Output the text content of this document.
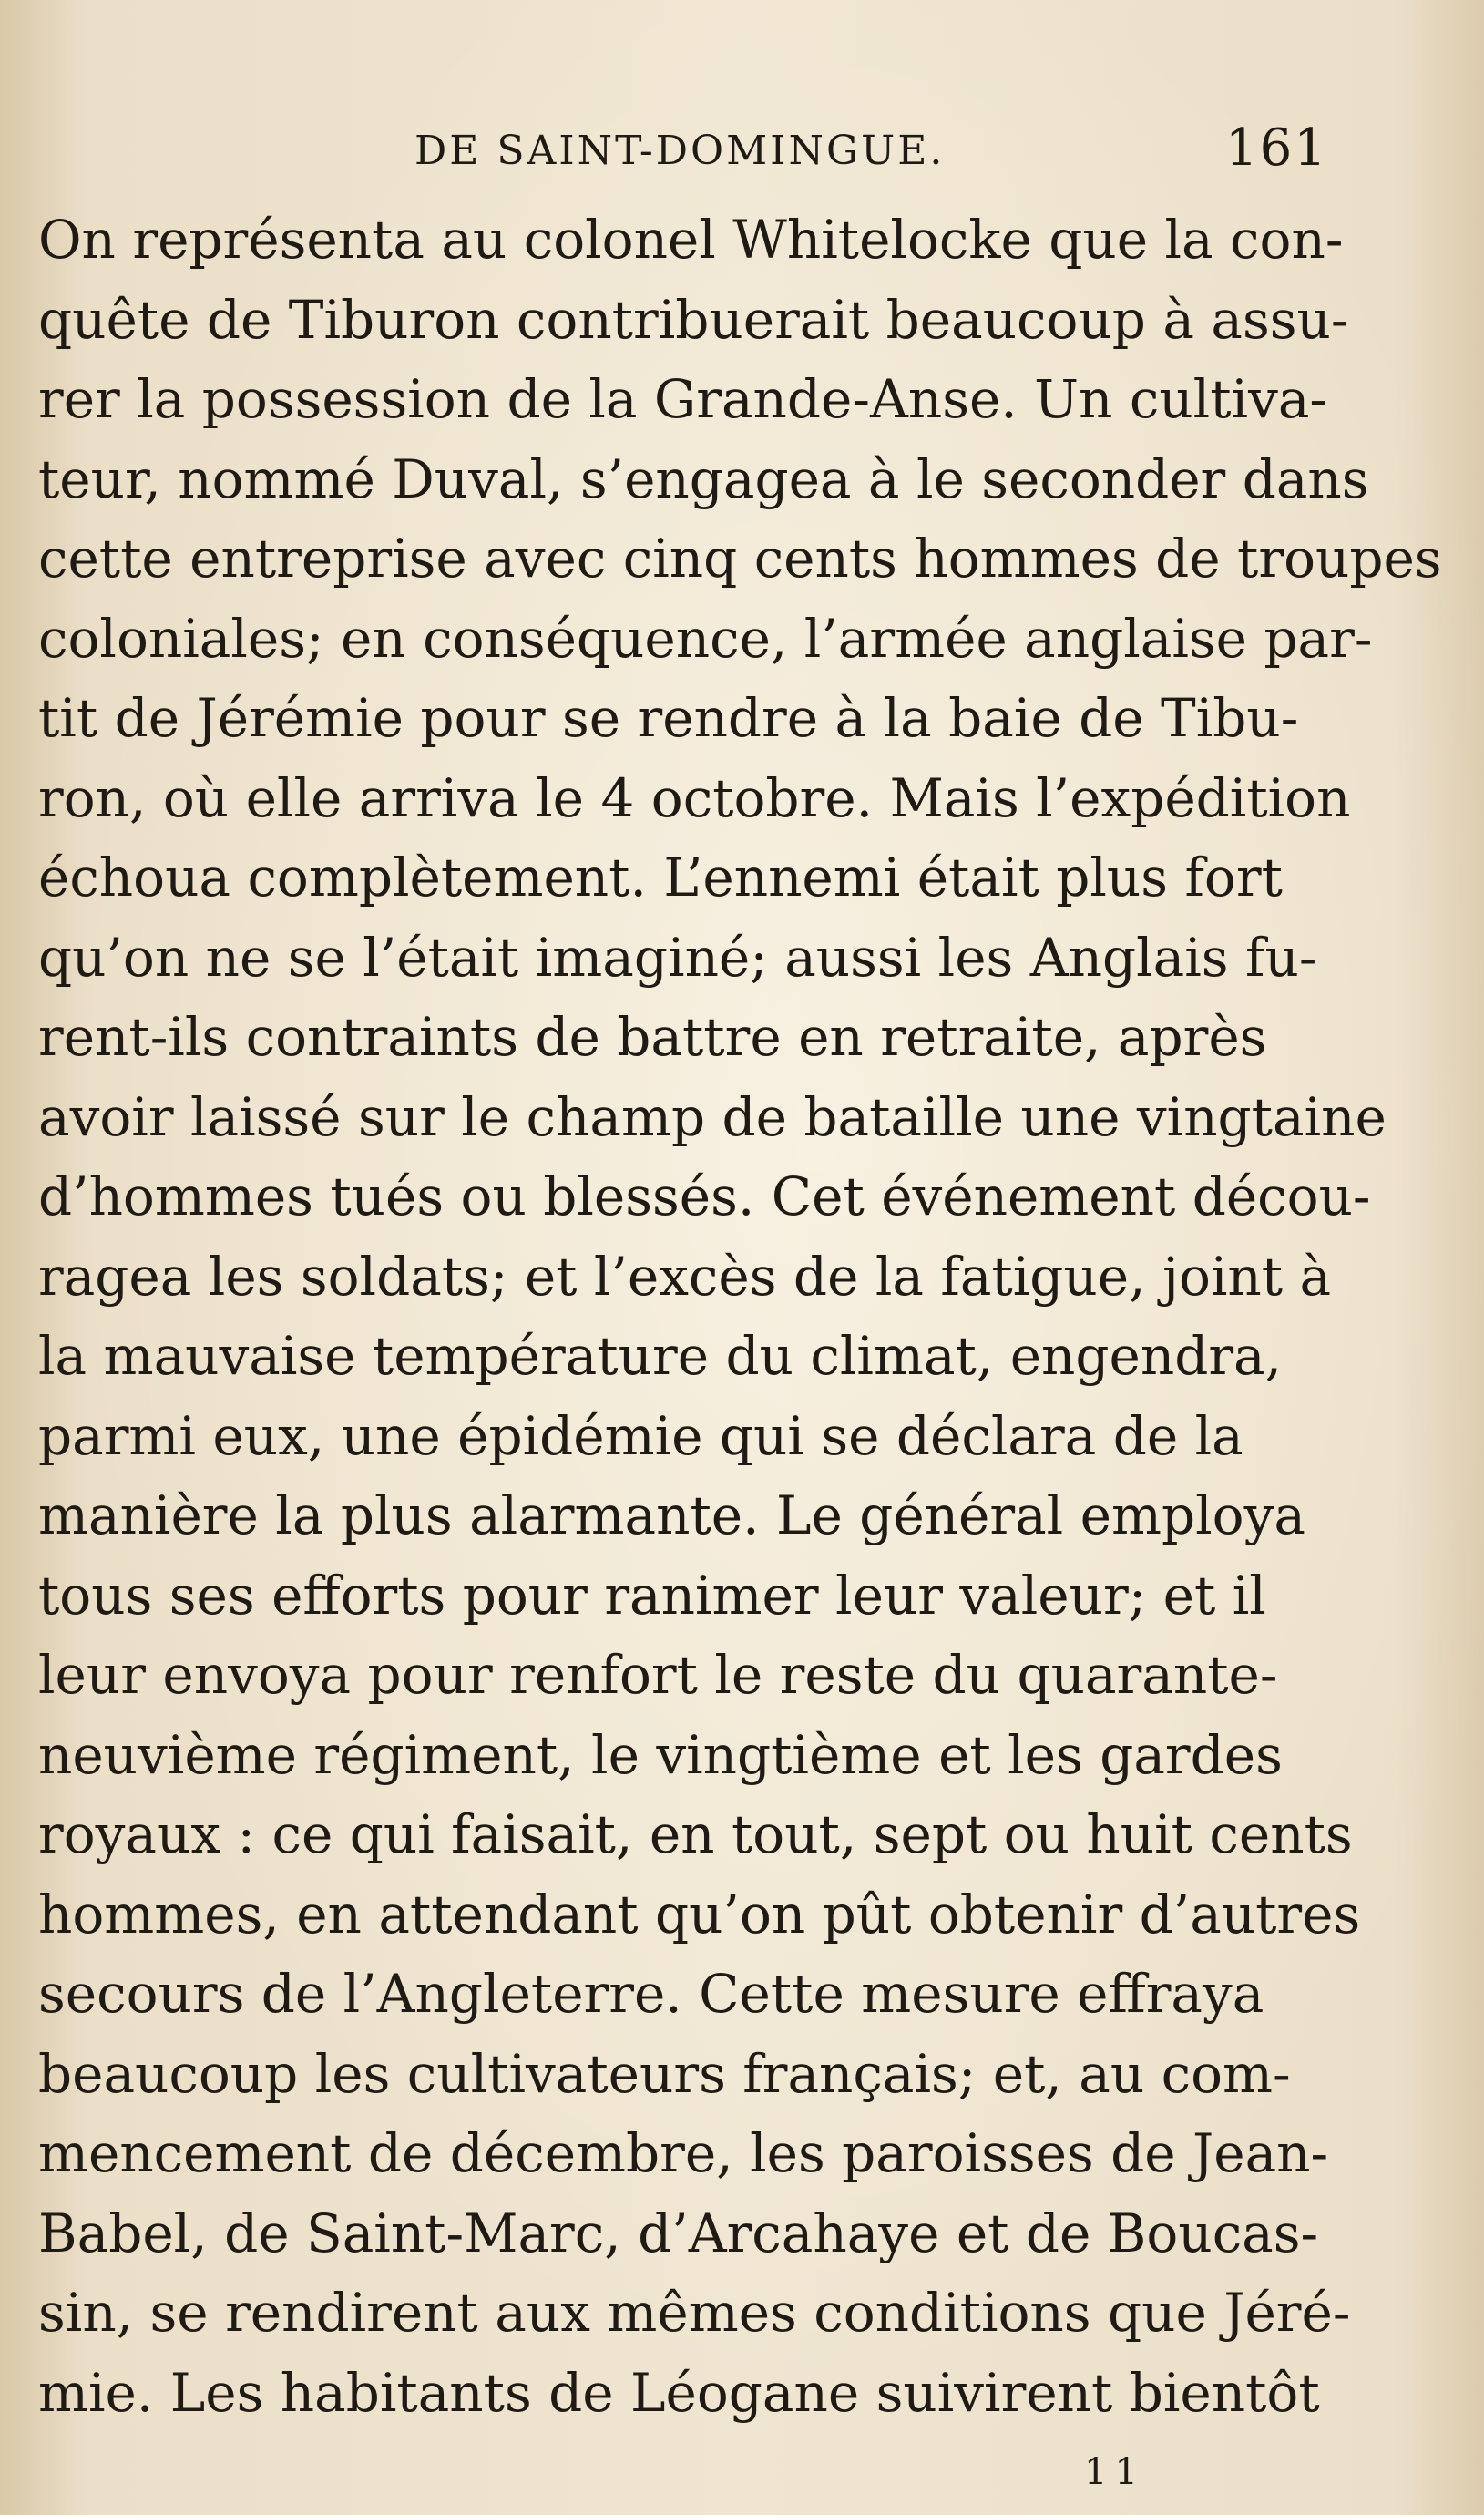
DE SAINT-DOMINGUE.	161
On représenta au colonel Whitelocke que la con-
quête de Tiburon contribuerait beaucoup à assu-
rer la possession de la Grande-Anse. Un cultiva-
teur, nommé Duval, s’engagea à le seconder dans
cette entreprise avec cinq cents hommes de troupes
coloniales; en conséquence, l’armée anglaise par-
tit de Jérémie pour se rendre à la baie de Tibu-
ron, où elle arriva le 4 octobre. Mais l’expédition
échoua complètement. L’ennemi était plus fort
qu’on ne se l’était imaginé; aussi les Anglais fu-
rent-ils contraints de battre en retraite, après
avoir laissé sur le champ de bataille une vingtaine
d’hommes tués ou blessés. Cet événement décou-
ragea les soldats; et l’excès de la fatigue, joint à
la mauvaise température du climat, engendra,
parmi eux, une épidémie qui se déclara de la
manière la plus alarmante. Le général employa
tous ses efforts pour ranimer leur valeur; et il
leur envoya pour renfort le reste du quarante-
neuvième régiment, le vingtième et les gardes
royaux : ce qui faisait, en tout, sept ou huit cents
hommes, en attendant qu’on pût obtenir d’autres
secours de l’Angleterre. Cette mesure effraya
beaucoup les cultivateurs français; et, au com-
mencement de décembre, les paroisses de Jean-
Babel, de Saint-Marc, d’Arcahaye et de Boucas-
sin, se rendirent aux mêmes conditions que Jéré-
mie. Les habitants de Léogane suivirent bientôt
11
